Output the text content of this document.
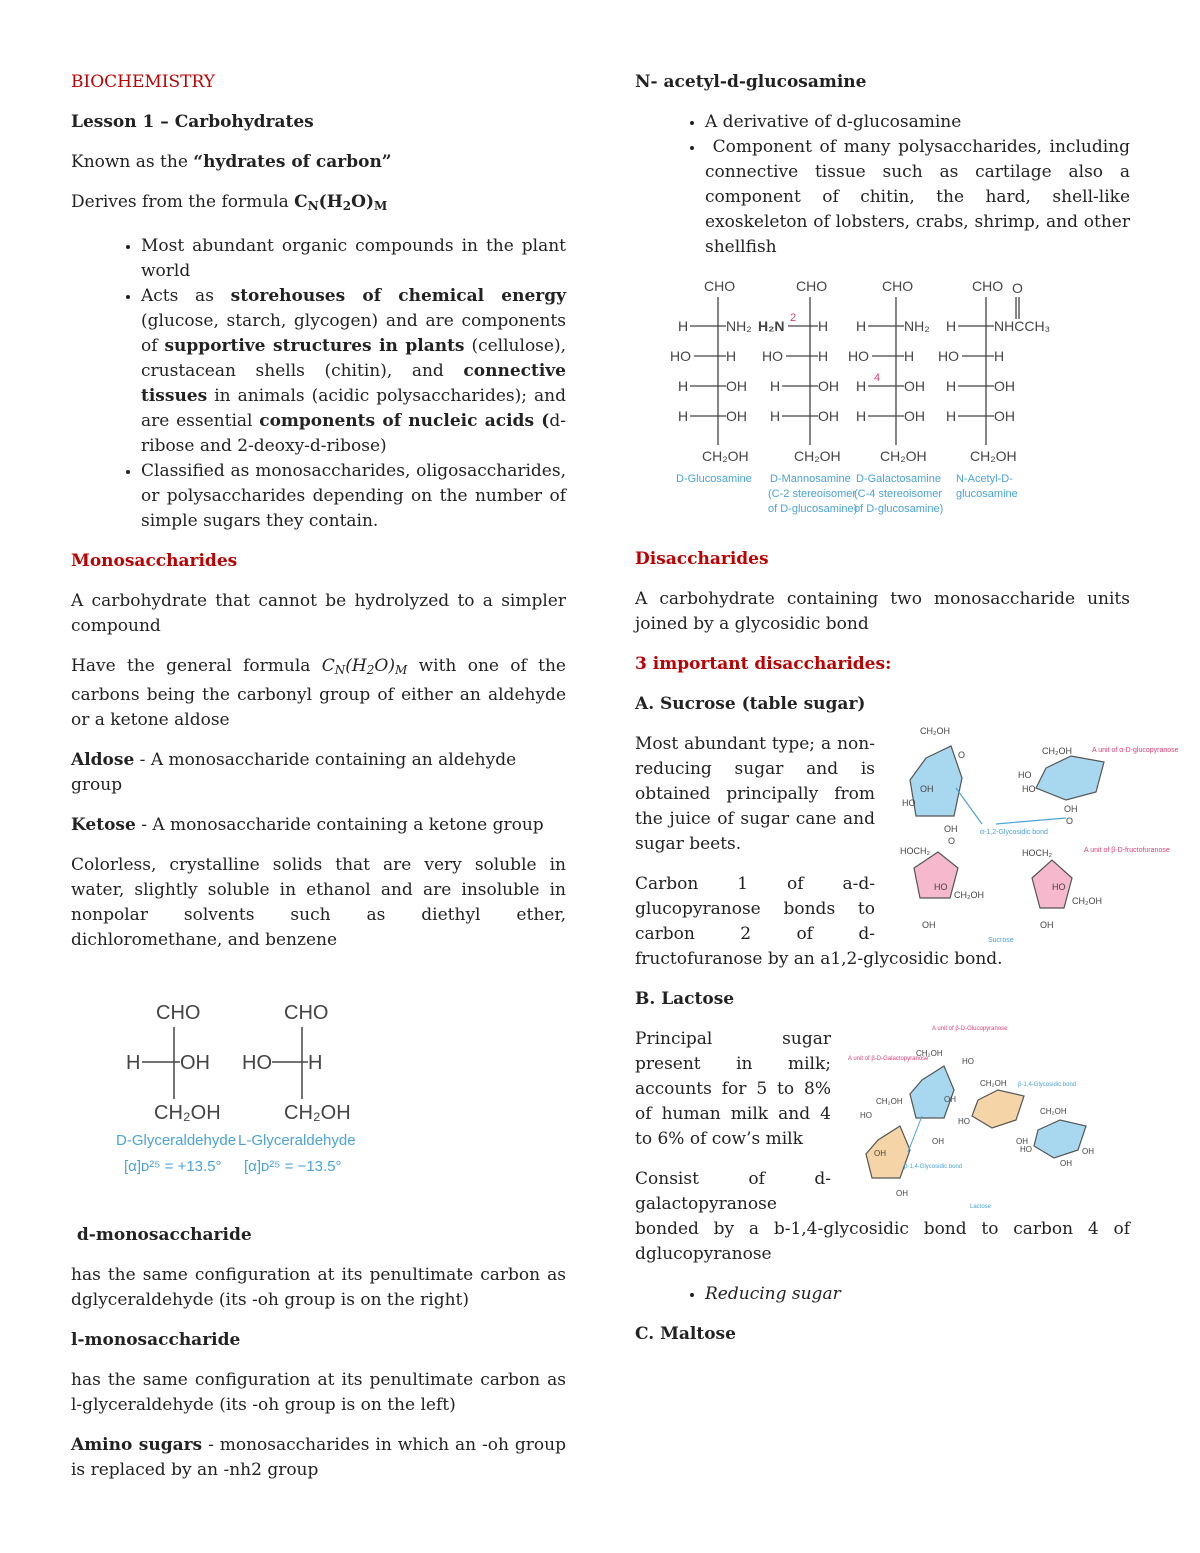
BIOCHEMISTRY

Lesson 1 – Carbohydrates

Known as the “hydrates of carbon”

Derives from the formula $C_N(H_2O)_M$

• Most abundant organic compounds in the plant world
• Acts as storehouses of chemical energy (glucose, starch, glycogen) and are components of supportive structures in plants (cellulose), crustacean shells (chitin), and connective tissues in animals (acidic polysaccharides); and are essential components of nucleic acids (d-ribose and 2-deoxy-d-ribose)
• Classified as monosaccharides, oligosaccharides, or polysaccharides depending on the number of simple sugars they contain.

Monosaccharides

A carbohydrate that cannot be hydrolyzed to a simpler compound

Have the general formula $C_N(H_2O)_M$ with one of the carbons being the carbonyl group of either an aldehyde or a ketone aldose

Aldose - A monosaccharide containing an aldehyde group

Ketose - A monosaccharide containing a ketone group

Colorless, crystalline solids that are very soluble in water, slightly soluble in ethanol and are insoluble in nonpolar solvents such as diethyl ether, dichloromethane, and benzene

CHO
H OH
CH₂OH
CHO
HO H
CH₂OH
D-Glyceraldehyde
[α]ᴅ²⁵ = +13.5°
L-Glyceraldehyde
[α]ᴅ²⁵ = −13.5°

d-monosaccharide

has the same configuration at its penultimate carbon as dglyceraldehyde (its -oh group is on the right)

l-monosaccharide

has the same configuration at its penultimate carbon as l-glyceraldehyde (its -oh group is on the left)

Amino sugars - monosaccharides in which an -oh group is replaced by an -nh2 group

N- acetyl-d-glucosamine

• A derivative of d-glucosamine
•  Component of many polysaccharides, including connective tissue such as cartilage also a component of chitin, the hard, shell-like exoskeleton of lobsters, crabs, shrimp, and other shellfish
CHO
H	NH₂
HO	H
H	OH
H	OH
CH₂OH
CHO
H₂N H
HO	H
H	OH
H	OH
CH₂OH
CHO
H	NH₂
HO	H
H	OH
H	OH
CH₂OH
CHO O
H	NHCCH₃
HO	H
H	OH
H	OH
CH₂OH
2
4
D-Glucosamine D-Mannosamine
(C-2 stereoisomer
of D-glucosamine)
D-Galactosamine
(C-4 stereoisomer
of D-glucosamine)
N-Acetyl-D-
glucosamine

Disaccharides

A carbohydrate containing two monosaccharide units joined by a glycosidic bond

3 important disaccharides:

A. Sucrose (table sugar)

Most abundant type; a non-reducing sugar and is obtained principally from the juice of sugar cane and sugar beets.

Carbon 1 of a-d-glucopyranose bonds to carbon 2 of d-
fructofuranose by an a1,2-glycosidic bond.

B. Lactose

Principal sugar present in milk; accounts for 5 to 8% of human milk and 4 to 6% of cow’s milk

Consist of d-galactopyranose
bonded by a b-1,4-glycosidic bond to carbon 4 of dglucopyranose

• Reducing sugar

C. Maltose

CH₂OH
HO
OH
O
OH
O
HOCH₂
HO
CH₂OH
OH
CH₂OH
HO
HO
OH
O
HOCH₂
HO
CH₂OH
OH
A unit of α-D-glucopyranose
A unit of β-D-fructofuranose
α-1,2-Glycosidic bond
Sucrose
CH₂OH
HO
OH
CH₂OH
HO
OH
OH
OH
CH₂OH
HO
OH
CH₂OH
HO	OH
OH
A unit of β-D-Glucopyranose
A unit of β-D-Galactopyranose
β-1,4-Glycosidic bond
β-1,4-Glycosidic bond
Lactose
